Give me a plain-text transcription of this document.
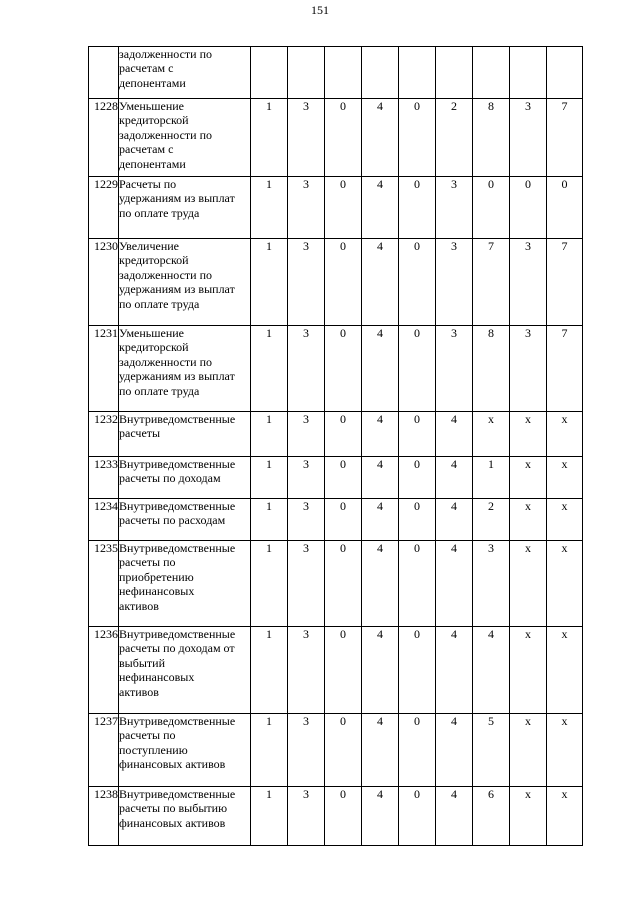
151
	задолженности по
расчетам с
депонентами									
1228	Уменьшение
кредиторской
задолженности по
расчетам с
депонентами	1	3	0	4	0	2	8	3	7
1229	Расчеты по
удержаниям из выплат
по оплате труда	1	3	0	4	0	3	0	0	0
1230	Увеличение
кредиторской
задолженности по
удержаниям из выплат
по оплате труда	1	3	0	4	0	3	7	3	7
1231	Уменьшение
кредиторской
задолженности по
удержаниям из выплат
по оплате труда	1	3	0	4	0	3	8	3	7
1232	Внутриведомственные
расчеты	1	3	0	4	0	4	x	x	x
1233	Внутриведомственные
расчеты по доходам	1	3	0	4	0	4	1	x	x
1234	Внутриведомственные
расчеты по расходам	1	3	0	4	0	4	2	x	x
1235	Внутриведомственные
расчеты по
приобретению
нефинансовых
активов	1	3	0	4	0	4	3	x	x
1236	Внутриведомственные
расчеты по доходам от
выбытий
нефинансовых
активов	1	3	0	4	0	4	4	x	x
1237	Внутриведомственные
расчеты по
поступлению
финансовых активов	1	3	0	4	0	4	5	x	x
1238	Внутриведомственные
расчеты по выбытию
финансовых активов	1	3	0	4	0	4	6	x	x
